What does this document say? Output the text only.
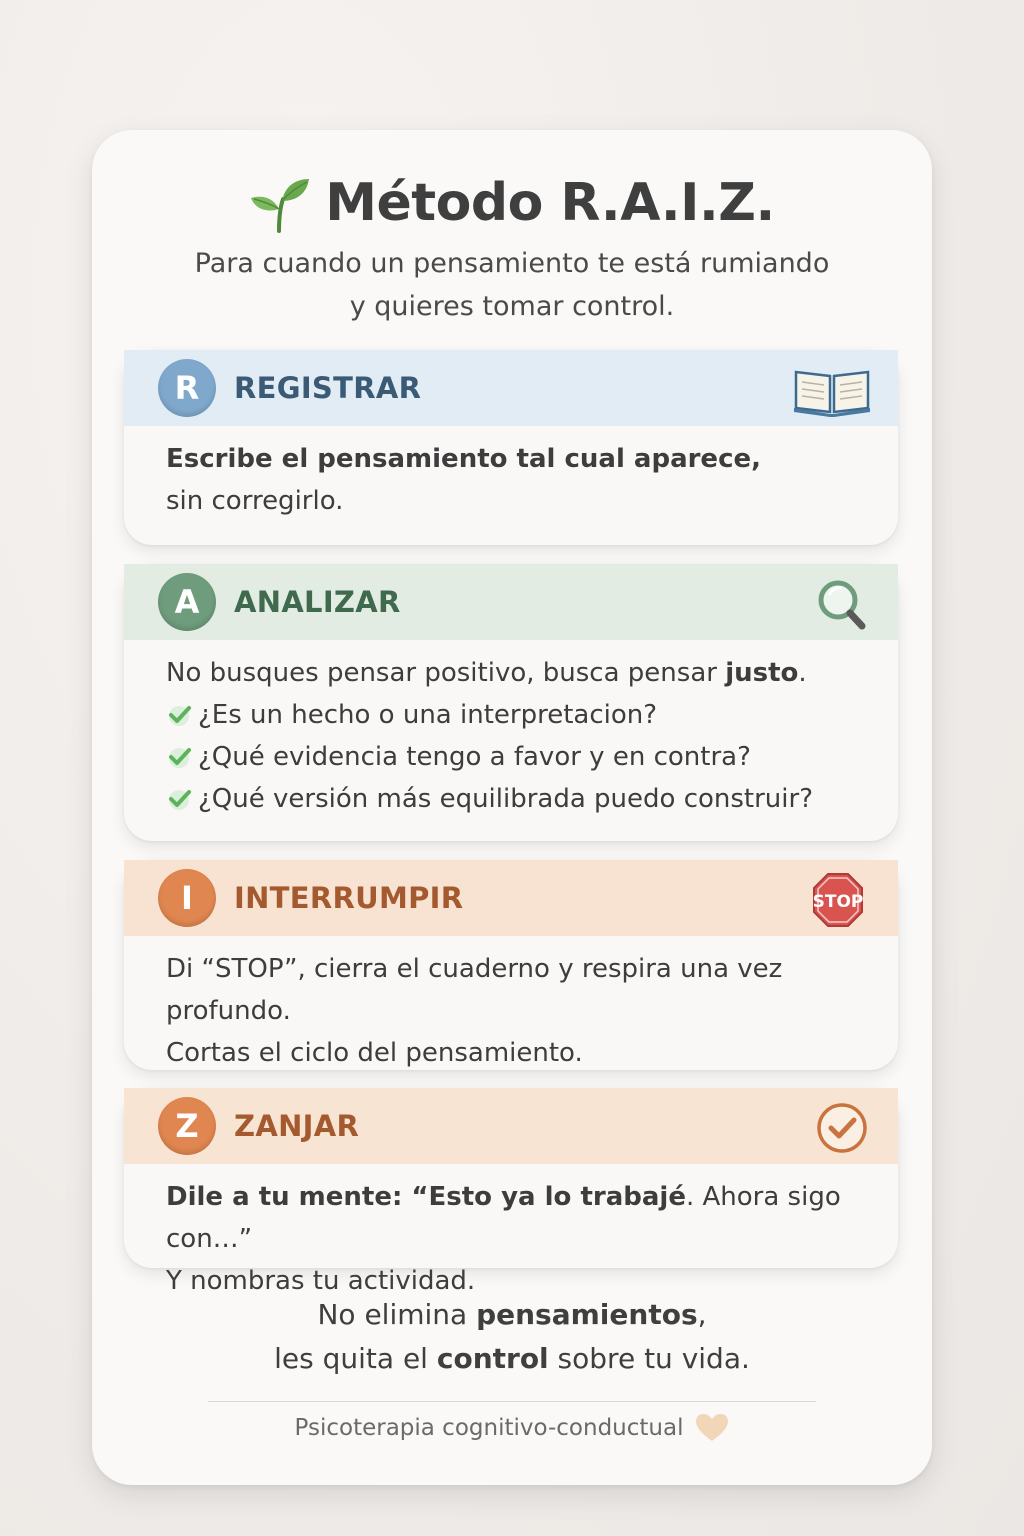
Método R.A.I.Z.
Para cuando un pensamiento te está rumiando
y quieres tomar control.
R	REGISTRAR

Escribe el pensamiento tal cual aparece,

sin corregirlo.

A	ANALIZAR

No busques pensar positivo, busca pensar justo.

¿Es un hecho o una interpretacion?
¿Qué evidencia tengo a favor y en contra?
¿Qué versión más equilibrada puedo construir?
I	INTERRUMPIR	STOP

Di “STOP”, cierra el cuaderno y respira una vez

profundo.

Cortas el ciclo del pensamiento.

Z	ZANJAR

Dile a tu mente: “Esto ya lo trabajé. Ahora sigo con…”

Y nombras tu actividad.

No elimina pensamientos,
les quita el control sobre tu vida.
Psicoterapia cognitivo-conductual
